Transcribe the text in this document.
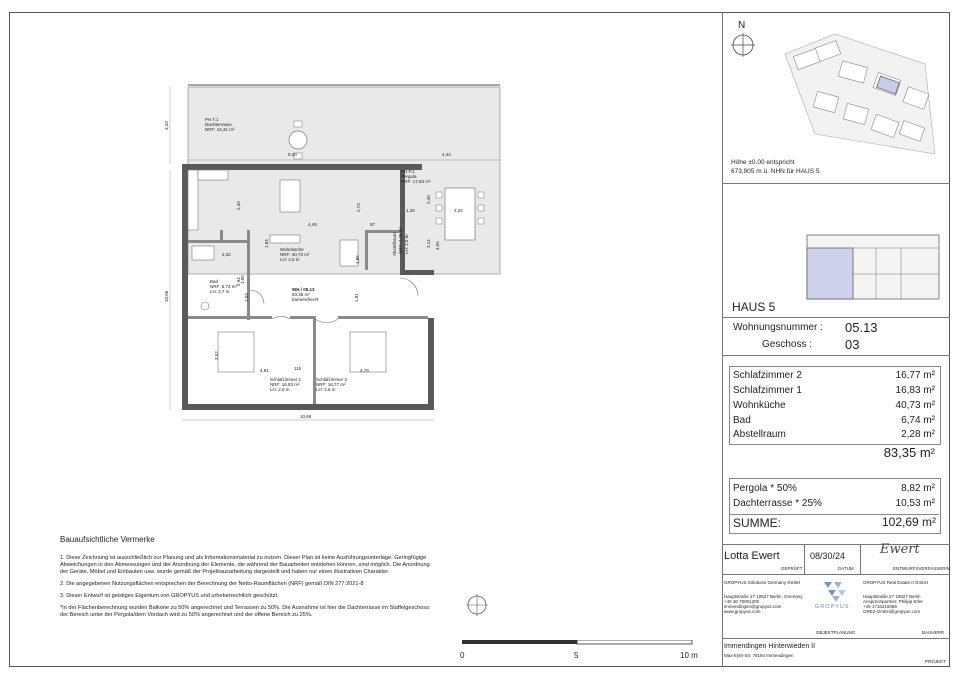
PH.T.1
Dachterrasse
NRF: 44,31 m²
PH.P.1
Pergola
NRF: 17,63 m²
Wohnküche
NRF: 40,73 m²
LH: 2,6 m
Bad
NRF: 6,74 m²
LH: 2,7 m
Abstellraum NRF: 2,28 m² LH: 2,6 m
Schlafzimmer 1
NRF: 16,83 m²
LH: 2,6 m
Schlafzimmer 2
NRF: 16,77 m²
LH: 2,6 m
WH / 05.13
83,35 m²
barrierefrei-R
3,43
9,20	4,44
10,66
2,49
4,49
2,73
87
1,20	3,24
2,40
4,55
2,14
2,32
1,84
1,86
1,05
1,03
2,94
1,81
4,81	4,79
115
3,52
10,69
Bauaufsichtliche Vermerke

1. Diese Zeichnung ist ausschließlich zur Planung und als Informationsmaterial zu nutzen. Dieser Plan ist keine Ausführungsunterlage. Geringfügige Abweichungen in den Abmessungen und der Anordnung der Elemente, die während der Bauarbeiten entstehen können, sind möglich. Die Anordnung der Geräte, Möbel und Einbauten usw. wurde gemäß der Projektausarbeitung dargestellt und haben nur einen illustrativen Charakter.

2. Die angegebenen Nutzungsflächen entsprechen der Berechnung der Netto-Raumflächen (NRF) gemäß DIN 277:2021-8

3. Dieser Entwurf ist geistiges Eigentum von GROPYUS und urheberrechtlich geschützt.

*In der Flächenberechnung wurden Balkone zu 50% angerechnet und Terrassen zu 50%. Die Ausnahme ist hier die Dachterrasse im Staffelgeschoss: der Bereich unter der Pergola/dem Vordach wird zu 50% angerechnet und der offene Bereich zu 25%.

0	5	10 m
N
Höhe ±0.00 entspricht
673,905 m ü. NHN für HAUS 5
HAUS 5
Wohnungsnummer : 05.13
Geschoss :	03
Schlafzimmer 2	16,77 m²
Schlafzimmer 1	16,83 m²
Wohnküche	40,73 m²
Bad	6,74 m²
Abstellraum	2,28 m²
83,35 m²
Pergola * 50%	8,82 m²
Dachterrasse * 25%	10,53 m²
SUMME:	102,69 m²
Lotta Ewert
GEPRÜFT
08/30/24
DATUM
Ewert
ENTWURFSVERFASSERIN
GROPYUS Solutions Germany GmbH
Hauptstraße 27 10827 Berlin, Germany
+49 30 70001200
immendingen@gropyus.com
www.gropyus.com
GROPYUS
GROPYUS Real Estate II GmbH
Hauptstraße 27 10827 Berlin
Ansprechpartner: Philipp Erler
+49 1716219356
GRE2-GmbH@gropyus.com
OBJEKTPLANUNG	BAUHERR
Immendingen Hinterwieden II
Max-Eyth-Str. 78194 Immendingen
PROJEKT
